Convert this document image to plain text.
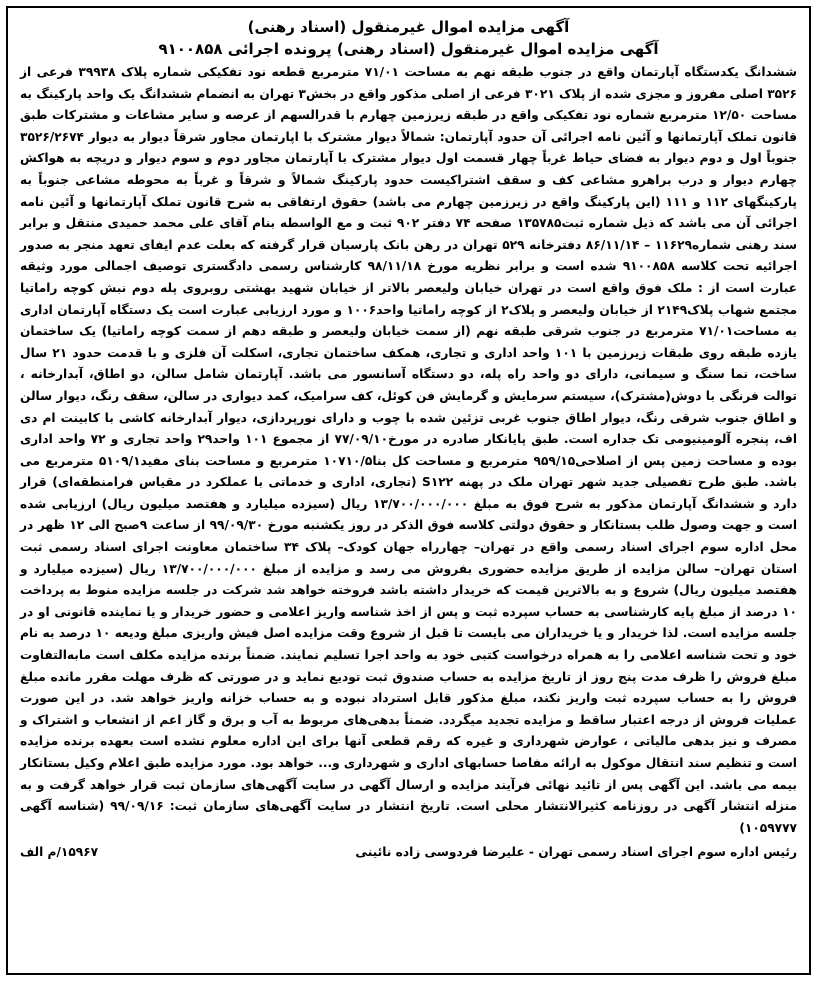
آگهی مزایده اموال غیرمنقول (اسناد رهنی)
آگهی مزایده اموال غیرمنقول (اسناد رهنی) پرونده اجرائی ۹۱۰۰۸۵۸

ششدانگ یکدستگاه آپارتمان واقع در جنوب طبقه نهم به مساحت ۷۱/۰۱ مترمربع قطعه نود تفکیکی شماره پلاک ۳۹۹۳۸ فرعی از ۳۵۲۶ اصلی مفروز و مجزی شده از پلاک ۳۰۲۱ فرعی از اصلی مذکور واقع در بخش۳ تهران به انضمام ششدانگ یک واحد پارکینگ به مساحت ۱۲/۵۰ مترمربع شماره نود تفکیکی واقع در طبقه زیرزمین چهارم با قدرالسهم از عرصه و سایر مشاعات و مشترکات طبق قانون تملک آپارتمانها و آئین نامه اجرائی آن حدود آپارتمان: شمالاً دیوار مشترک با اپارتمان مجاور شرقاً دیوار به دیوار ۳۵۲۶/۲۶۷۴ جنوباً اول و دوم دیوار به فضای حیاط غرباً چهار قسمت اول دیوار مشترک با آپارتمان مجاور دوم و سوم دیوار و دریچه به هواکش چهارم دیوار و درب براهرو مشاعی کف و سقف اشتراکیست حدود پارکینگ شمالاً و شرقاً و غرباً به محوطه مشاعی جنوباً به پارکینگهای ۱۱۲ و ۱۱۱ (این پارکینگ واقع در زیرزمین چهارم می باشد) حقوق ارتفاقی به شرح قانون تملک آپارتمانها و آئین نامه اجرائی آن می باشد که ذیل شماره ثبت۱۳۵۷۸۵ صفحه ۷۴ دفتر ۹۰۲ ثبت و مع الواسطه بنام آقای علی محمد حمیدی منتقل و برابر سند رهنی شماره۱۱۶۲۹ – ۸۶/۱۱/۱۴ دفترخانه ۵۲۹ تهران در رهن بانک پارسیان قرار گرفته که بعلت عدم ایفای تعهد منجر به صدور اجرائیه تحت کلاسه ۹۱۰۰۸۵۸ شده است و برابر نظریه مورخ ۹۸/۱۱/۱۸ کارشناس رسمی دادگستری توصیف اجمالی مورد وثیقه عبارت است از : ملک فوق واقع است در تهران خیابان ولیعصر بالاتر از خیابان شهید بهشتی روبروی پله دوم نبش کوچه راماتیا مجتمع شهاب پلاک۲۱۴۹ از خیابان ولیعصر و پلاک۲ از کوچه راماتیا واحد۱۰۰۶ و مورد ارزیابی عبارت است یک دستگاه آپارتمان اداری به مساحت۷۱/۰۱ مترمربع در جنوب شرقی طبقه نهم (از سمت خیابان ولیعصر و طبقه دهم از سمت کوچه راماتیا) یک ساختمان یازده طبقه روی طبقات زیرزمین با ۱۰۱ واحد اداری و تجاری، همکف ساختمان تجاری، اسکلت آن فلزی و با قدمت حدود ۲۱ سال ساخت، نما سنگ و سیمانی، دارای دو واحد راه پله، دو دستگاه آسانسور می باشد. آپارتمان شامل سالن، دو اطاق، آبدارخانه ، توالت فرنگی با دوش(مشترک)، سیستم سرمایش و گرمایش فن کوئل، کف سرامیک، کمد دیواری در سالن، سقف رنگ، دیوار سالن و اطاق جنوب شرقی رنگ، دیوار اطاق جنوب غربی تزئین شده با چوب و دارای نورپردازی، دیوار آبدارخانه کاشی با کابینت ام دی اف، پنجره آلومینیومی تک جداره است. طبق پایانکار صادره در مورخ۷۷/۰۹/۱۰ از مجموع ۱۰۱ واحد۲۹ واحد تجاری و ۷۲ واحد اداری بوده و مساحت زمین پس از اصلاحی۹۵۹/۱۵ مترمربع و مساحت کل بنا۱۰۷۱۰/۵ مترمربع و مساحت بنای مفید۵۱۰۹/۱ مترمربع می باشد. طبق طرح تفصیلی جدید شهر تهران ملک در پهنه S۱۲۲ (تجاری، اداری و خدماتی با عملکرد در مقیاس فرامنطقه‌ای) قرار دارد و ششدانگ آپارتمان مذکور به شرح فوق به مبلغ ۱۳/۷۰۰/۰۰۰/۰۰۰ ریال (سیزده میلیارد و هفتصد میلیون ریال) ارزیابی شده است و جهت وصول طلب بستانکار و حقوق دولتی کلاسه فوق الذکر در روز یکشنبه مورخ ۹۹/۰۹/۳۰ از ساعت ۹صبح الی ۱۲ ظهر در محل اداره سوم اجرای اسناد رسمی واقع در تهران– چهارراه جهان کودک– پلاک ۳۴ ساختمان معاونت اجرای اسناد رسمی ثبت استان تهران– سالن مزایده از طریق مزایده حضوری بفروش می رسد و مزایده از مبلغ ۱۳/۷۰۰/۰۰۰/۰۰۰ ریال (سیزده میلیارد و هفتصد میلیون ریال) شروع و به بالاترین قیمت که خریدار داشته باشد فروخته خواهد شد شرکت در جلسه مزایده منوط به پرداخت ۱۰ درصد از مبلغ پایه کارشناسی به حساب سپرده ثبت و پس از اخذ شناسه واریز اعلامی و حضور خریدار و یا نماینده قانونی او در جلسه مزایده است. لذا خریدار و یا خریداران می بایست تا قبل از شروع وقت مزایده اصل فیش واریزی مبلغ ودیعه ۱۰ درصد به نام خود و تحت شناسه اعلامی را به همراه درخواست کتبی خود به واحد اجرا تسلیم نمایند. ضمناً برنده مزایده مکلف است مابه‌التفاوت مبلغ فروش را ظرف مدت پنج روز از تاریخ مزایده به حساب صندوق ثبت تودیع نماید و در صورتی که ظرف مهلت مقرر مانده مبلغ فروش را به حساب سپرده ثبت واریز نکند، مبلغ مذکور قابل استرداد نبوده و به حساب خزانه واریز خواهد شد. در این صورت عملیات فروش از درجه اعتبار ساقط و مزایده تجدید میگردد. ضمناً بدهی‌های مربوط به آب و برق و گاز اعم از انشعاب و اشتراک و مصرف و نیز بدهی مالیاتی ، عوارض شهرداری و غیره که رقم قطعی آنها برای این اداره معلوم نشده است بعهده برنده مزایده است و تنظیم سند انتقال موکول به ارائه مفاصا حسابهای اداری و شهرداری و... خواهد بود. مورد مزایده طبق اعلام وکیل بستانکار بیمه می باشد. این آگهی پس از تائید نهائی فرآیند مزایده و ارسال آگهی در سایت آگهی‌های سازمان ثبت قرار خواهد گرفت و به منزله انتشار آگهی در روزنامه کثیرالانتشار محلی است. تاریخ انتشار در سایت آگهی‌های سازمان ثبت: ۹۹/۰۹/۱۶ (شناسه آگهی ۱۰۵۹۷۷۷)

رئیس اداره سوم اجرای اسناد رسمی تهران - علیرضا فردوسی زاده نائینی
۱۵۹۶۷/م الف
